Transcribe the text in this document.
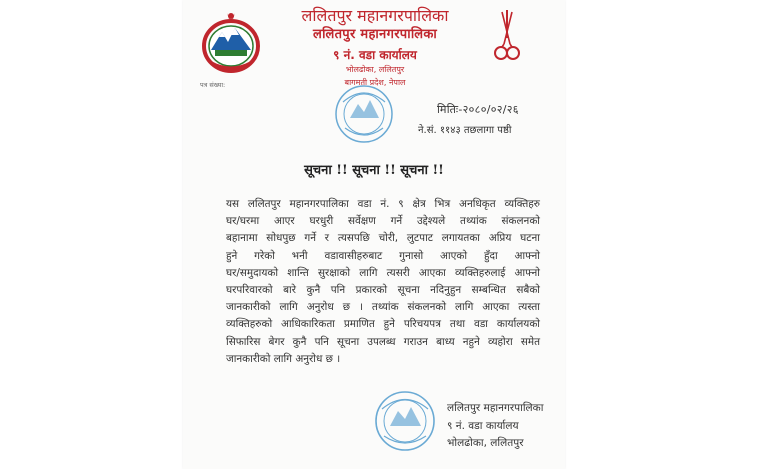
ललितपुर महानगरपालिका
ललितपुर महानगरपालिका
९ नं. वडा कार्यालय
भोलढोका, ललितपुर
बागमती प्रदेश, नेपाल
पत्र संख्या:
मितिः-२०८०/०२/२६
ने.सं. ११४३ तछलागा पष्ठी
सूचना !! सूचना !! सूचना !!
यस ललितपुर महानगरपालिका वडा नं. ९ क्षेत्र भित्र अनधिकृत व्यक्तिहरु
घर/घरमा आएर घरधुरी सर्वेक्षण गर्ने उद्देश्यले तथ्यांक संकलनको
बहानामा सोधपुछ गर्ने र त्यसपछि चोरी, लुटपाट लगायतका अप्रिय घटना
हुने गरेको भनी वडावासीहरुबाट गुनासो आएको हुँदा आफ्नो
घर/समुदायको शान्ति सुरक्षाको लागि त्यसरी आएका व्यक्तिहरुलाई आफ्नो
घरपरिवारको बारे कुनै पनि प्रकारको सूचना नदिनुहुन सम्बन्धित सबैको
जानकारीको लागि अनुरोध छ । तथ्यांक संकलनको लागि आएका त्यस्ता
व्यक्तिहरुको आधिकारिकता प्रमाणित हुने परिचयपत्र तथा वडा कार्यालयको
सिफारिस बेगर कुनै पनि सूचना उपलब्ध गराउन बाध्य नहुने व्यहोरा समेत
जानकारीको लागि अनुरोध छ ।
ललितपुर महानगरपालिका
९ नं. वडा कार्यालय
भोलढोका, ललितपुर
